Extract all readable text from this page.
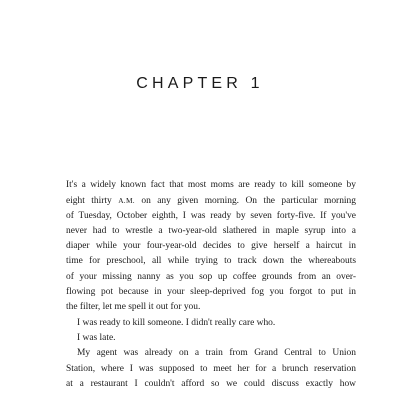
CHAPTER 1
It's a widely known fact that most moms are ready to kill someone by
eight thirty A.M. on any given morning. On the particular morning
of Tuesday, October eighth, I was ready by seven forty-five. If you've
never had to wrestle a two-year-old slathered in maple syrup into a
diaper while your four-year-old decides to give herself a haircut in
time for preschool, all while trying to track down the whereabouts
of your missing nanny as you sop up coffee grounds from an over-
flowing pot because in your sleep-deprived fog you forgot to put in
the filter, let me spell it out for you.
I was ready to kill someone. I didn't really care who.
I was late.
My agent was already on a train from Grand Central to Union
Station, where I was supposed to meet her for a brunch reservation
at a restaurant I couldn't afford so we could discuss exactly how
